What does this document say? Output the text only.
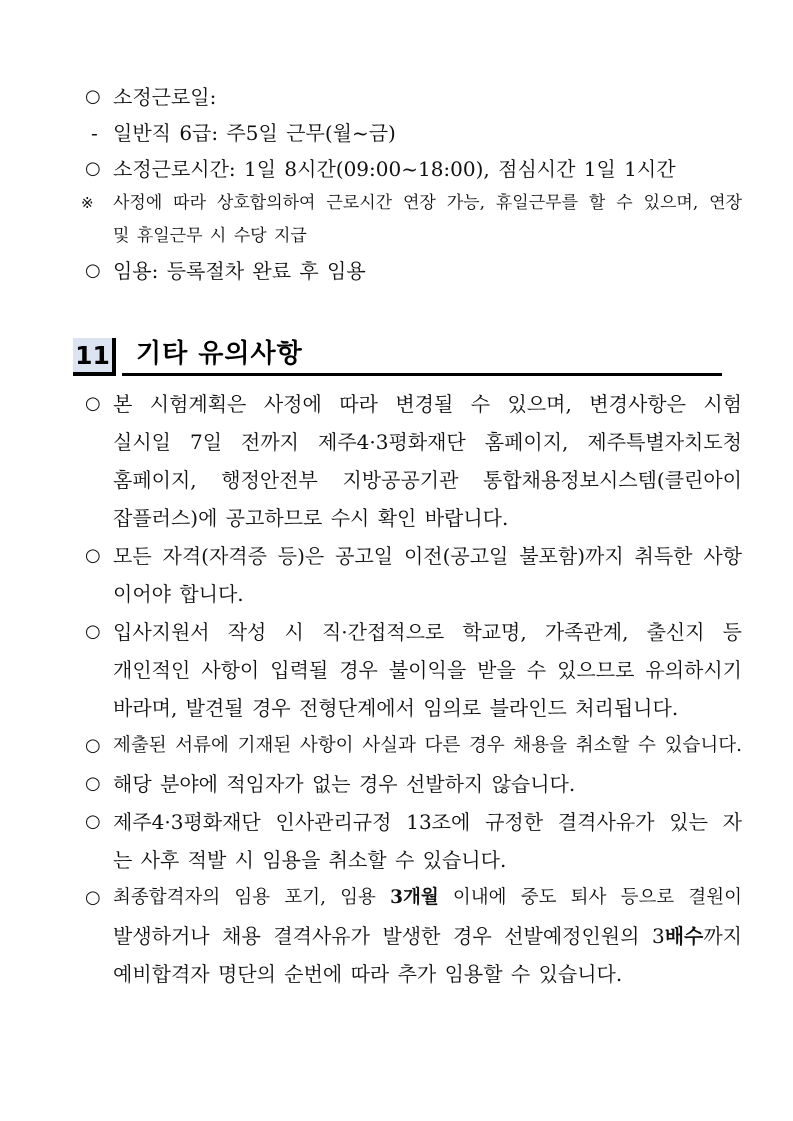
○ 소정근로일:
- 일반직 6급: 주5일 근무(월~금)
○ 소정근로시간: 1일 8시간(09:00~18:00), 점심시간 1일 1시간
※	사정에 따라 상호합의하여 근로시간 연장 가능, 휴일근무를 할 수 있으며, 연장
및 휴일근무 시 수당 지급
○ 임용: 등록절차 완료 후 임용
11 기타 유의사항
○ 본 시험계획은 사정에 따라 변경될 수 있으며, 변경사항은 시험
실시일 7일 전까지 제주4·3평화재단 홈페이지, 제주특별자치도청
홈페이지, 행정안전부 지방공공기관 통합채용정보시스템(클린아이
잡플러스)에 공고하므로 수시 확인 바랍니다.
○ 모든 자격(자격증 등)은 공고일 이전(공고일 불포함)까지 취득한 사항
이어야 합니다.
○ 입사지원서 작성 시 직·간접적으로 학교명, 가족관계, 출신지 등
개인적인 사항이 입력될 경우 불이익을 받을 수 있으므로 유의하시기
바라며, 발견될 경우 전형단계에서 임의로 블라인드 처리됩니다.
○ 제출된 서류에 기재된 사항이 사실과 다른 경우 채용을 취소할 수 있습니다.
○ 해당 분야에 적임자가 없는 경우 선발하지 않습니다.
○ 제주4·3평화재단 인사관리규정 13조에 규정한 결격사유가 있는 자
는 사후 적발 시 임용을 취소할 수 있습니다.
○ 최종합격자의 임용 포기, 임용 3개월 이내에 중도 퇴사 등으로 결원이
발생하거나 채용 결격사유가 발생한 경우 선발예정인원의 3배수까지
예비합격자 명단의 순번에 따라 추가 임용할 수 있습니다.
